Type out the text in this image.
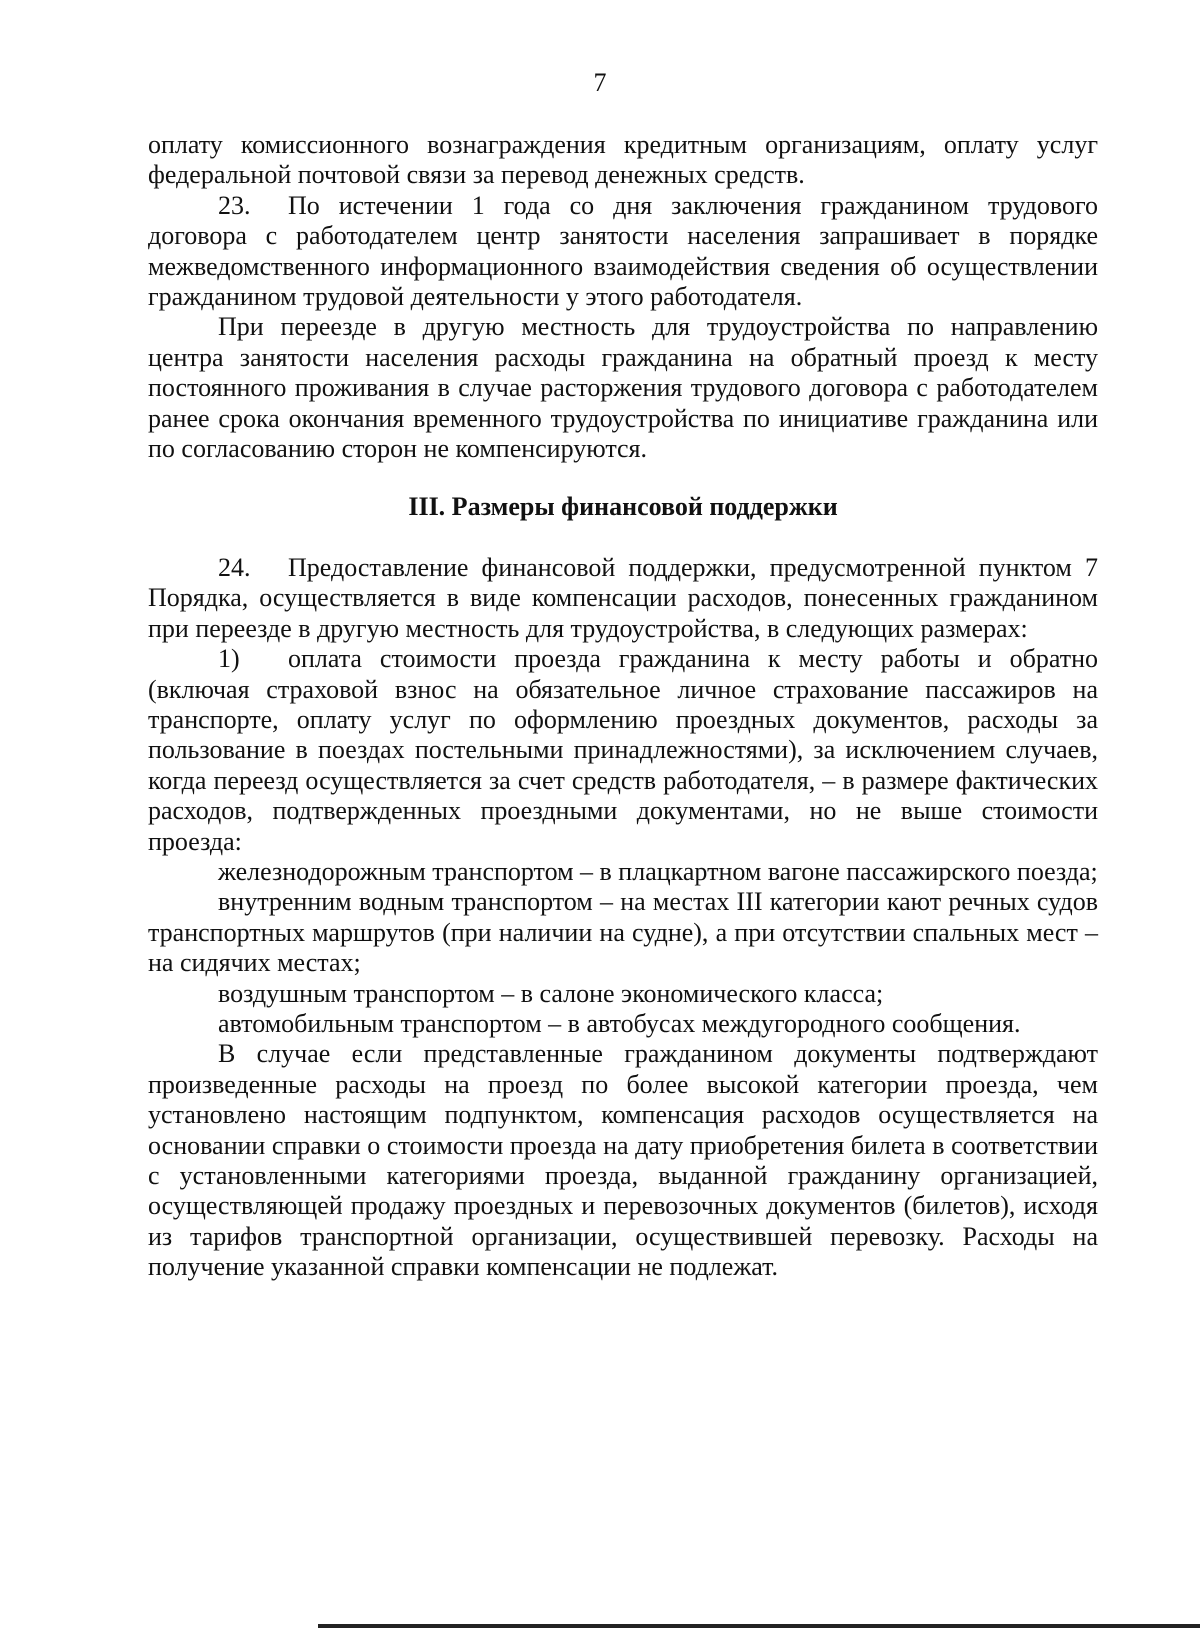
7

оплату комиссионного вознаграждения кредитным организациям, оплату услуг федеральной почтовой связи за перевод денежных средств.

23. По истечении 1 года со дня заключения гражданином трудового договора с работодателем центр занятости населения запрашивает в порядке межведомственного информационного взаимодействия сведения об осуществлении гражданином трудовой деятельности у этого работодателя.

При переезде в другую местность для трудоустройства по направлению центра занятости населения расходы гражданина на обратный проезд к месту постоянного проживания в случае расторжения трудового договора с работодателем ранее срока окончания временного трудоустройства по инициативе гражданина или по согласованию сторон не компенсируются.

III. Размеры финансовой поддержки

24. Предоставление финансовой поддержки, предусмотренной пунктом 7 Порядка, осуществляется в виде компенсации расходов, понесенных гражданином при переезде в другую местность для трудоустройства, в следующих размерах:

1) оплата стоимости проезда гражданина к месту работы и обратно (включая страховой взнос на обязательное личное страхование пассажиров на транспорте, оплату услуг по оформлению проездных документов, расходы за пользование в поездах постельными принадлежностями), за исключением случаев, когда переезд осуществляется за счет средств работодателя, – в размере фактических расходов, подтвержденных проездными документами, но не выше стоимости проезда:

железнодорожным транспортом – в плацкартном вагоне пассажирского поезда;

внутренним водным транспортом – на местах III категории кают речных судов транспортных маршрутов (при наличии на судне), а при отсутствии спальных мест – на сидячих местах;

воздушным транспортом – в салоне экономического класса;

автомобильным транспортом – в автобусах междугородного сообщения.

В случае если представленные гражданином документы подтверждают произведенные расходы на проезд по более высокой категории проезда, чем установлено настоящим подпунктом, компенсация расходов осуществляется на основании справки о стоимости проезда на дату приобретения билета в соответствии с установленными категориями проезда, выданной гражданину организацией, осуществляющей продажу проездных и перевозочных документов (билетов), исходя из тарифов транспортной организации, осуществившей перевозку. Расходы на получение указанной справки компенсации не подлежат.
